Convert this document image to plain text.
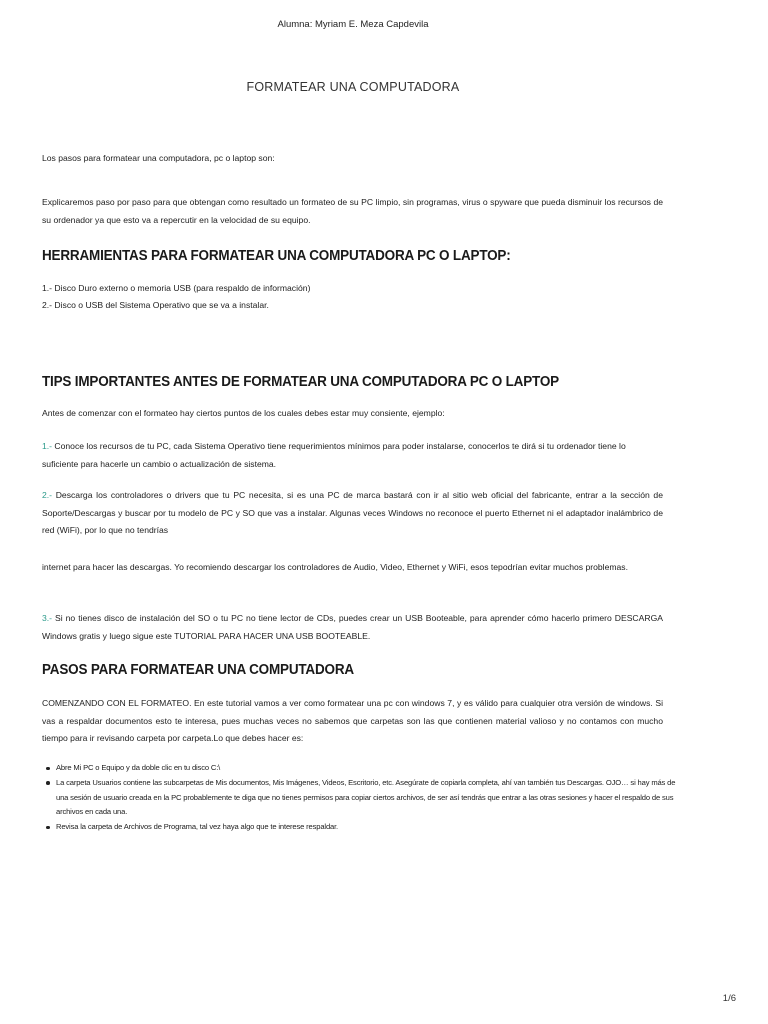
Alumna: Myriam E. Meza Capdevila
FORMATEAR UNA COMPUTADORA

Los pasos para formatear una computadora, pc o laptop son:

Explicaremos paso por paso para que obtengan como resultado un formateo de su PC limpio, sin programas, virus o spyware que pueda disminuir los recursos de su ordenador ya que esto va a repercutir en la velocidad de su equipo.

HERRAMIENTAS PARA FORMATEAR UNA COMPUTADORA PC O LAPTOP:

1.- Disco Duro externo o memoria USB (para respaldo de información)

2.- Disco o USB del Sistema Operativo que se va a instalar.

TIPS IMPORTANTES ANTES DE FORMATEAR UNA COMPUTADORA PC O LAPTOP

Antes de comenzar con el formateo hay ciertos puntos de los cuales debes estar muy consiente, ejemplo:

1.- Conoce los recursos de tu PC, cada Sistema Operativo tiene requerimientos mínimos para poder instalarse, conocerlos te dirá si tu ordenador tiene lo suficiente para hacerle un cambio o actualización de sistema.

2.- Descarga los controladores o drivers que tu PC necesita, si es una PC de marca bastará con ir al sitio web oficial del fabricante, entrar a la sección de Soporte/Descargas y buscar por tu modelo de PC y SO que vas a instalar. Algunas veces Windows no reconoce el puerto Ethernet ni el adaptador inalámbrico de red (WiFi), por lo que no tendrías

internet para hacer las descargas. Yo recomiendo descargar los controladores de Audio, Video, Ethernet y WiFi, esos tepodrían evitar muchos problemas.

3.- Si no tienes disco de instalación del SO o tu PC no tiene lector de CDs, puedes crear un USB Booteable, para aprender cómo hacerlo primero DESCARGA Windows gratis y luego sigue este TUTORIAL PARA HACER UNA USB BOOTEABLE.

PASOS PARA FORMATEAR UNA COMPUTADORA

COMENZANDO CON EL FORMATEO. En este tutorial vamos a ver como formatear una pc con windows 7, y es válido para cualquier otra versión de windows. Si vas a respaldar documentos esto te interesa, pues muchas veces no sabemos que carpetas son las que contienen material valioso y no contamos con mucho tiempo para ir revisando carpeta por carpeta.Lo que debes hacer es:

Abre Mi PC o Equipo y da doble clic en tu disco C:\
La carpeta Usuarios contiene las subcarpetas de Mis documentos, Mis Imágenes, Videos, Escritorio, etc. Asegúrate de copiarla completa, ahí van también tus Descargas. OJO… si hay más de una sesión de usuario creada en la PC probablemente te diga que no tienes permisos para copiar ciertos archivos, de ser así tendrás que entrar a las otras sesiones y hacer el respaldo de sus archivos en cada una.
Revisa la carpeta de Archivos de Programa, tal vez haya algo que te interese respaldar.
1/6
